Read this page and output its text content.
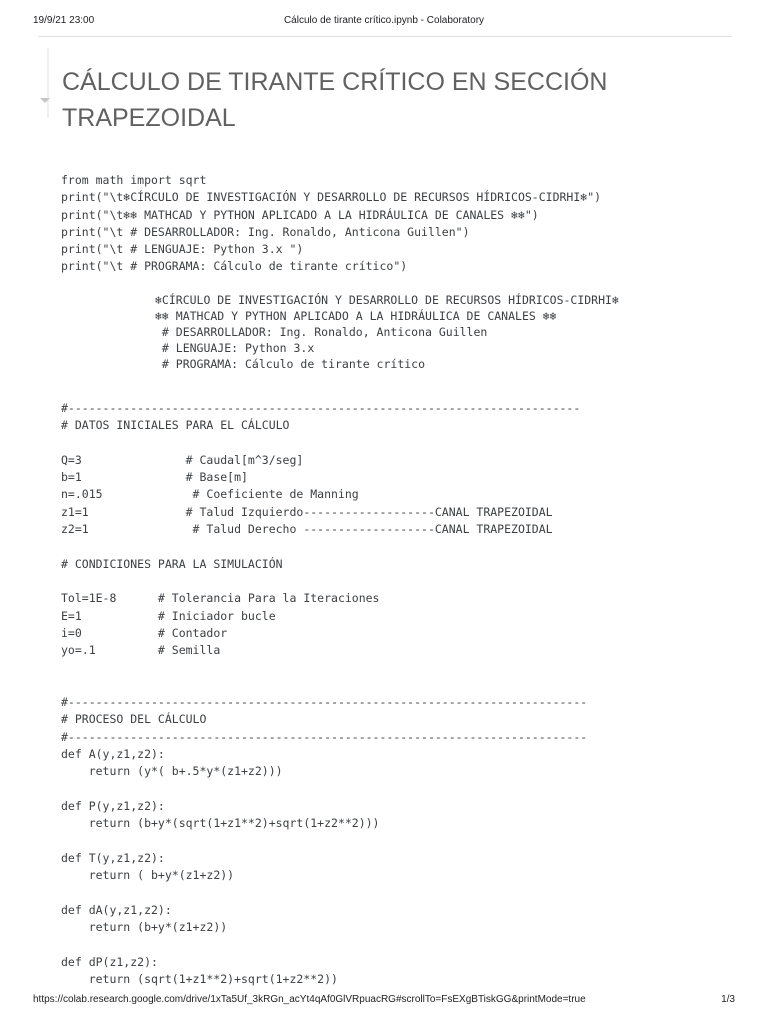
19/9/21 23:00	Cálculo de tirante crítico.ipynb - Colaboratory
CÁLCULO DE TIRANTE CRÍTICO EN SECCIÓN TRAPEZOIDAL
from math import sqrt
print("\t❄CÍRCULO DE INVESTIGACIÓN Y DESARROLLO DE RECURSOS HÍDRICOS-CIDRHI❄")
print("\t❄❄ MATHCAD Y PYTHON APLICADO A LA HIDRÁULICA DE CANALES ❄❄")
print("\t # DESARROLLADOR: Ing. Ronaldo, Anticona Guillen")
print("\t # LENGUAJE: Python 3.x ")
print("\t # PROGRAMA: Cálculo de tirante crítico")
❄CÍRCULO DE INVESTIGACIÓN Y DESARROLLO DE RECURSOS HÍDRICOS-CIDRHI❄
❄❄ MATHCAD Y PYTHON APLICADO A LA HIDRÁULICA DE CANALES ❄❄
# DESARROLLADOR: Ing. Ronaldo, Anticona Guillen
# LENGUAJE: Python 3.x
# PROGRAMA: Cálculo de tirante crítico
#--------------------------------------------------------------------------
# DATOS INICIALES PARA EL CÁLCULO

Q=3               # Caudal[m^3/seg]
b=1               # Base[m]
n=.015             # Coeficiente de Manning
z1=1              # Talud Izquierdo-------------------CANAL TRAPEZOIDAL
z2=1               # Talud Derecho -------------------CANAL TRAPEZOIDAL

# CONDICIONES PARA LA SIMULACIÓN

Tol=1E-8      # Tolerancia Para la Iteraciones
E=1           # Iniciador bucle
i=0           # Contador
yo=.1         # Semilla

#---------------------------------------------------------------------------
# PROCESO DEL CÁLCULO
#---------------------------------------------------------------------------
def A(y,z1,z2):
return (y*( b+.5*y*(z1+z2)))

def P(y,z1,z2):
return (b+y*(sqrt(1+z1**2)+sqrt(1+z2**2)))

def T(y,z1,z2):
return ( b+y*(z1+z2))

def dA(y,z1,z2):
return (b+y*(z1+z2))

def dP(z1,z2):
return (sqrt(1+z1**2)+sqrt(1+z2**2))
https://colab.research.google.com/drive/1xTa5Uf_3kRGn_acYt4qAf0GlVRpuacRG#scrollTo=FsEXgBTiskGG&printMode=true	1/3
